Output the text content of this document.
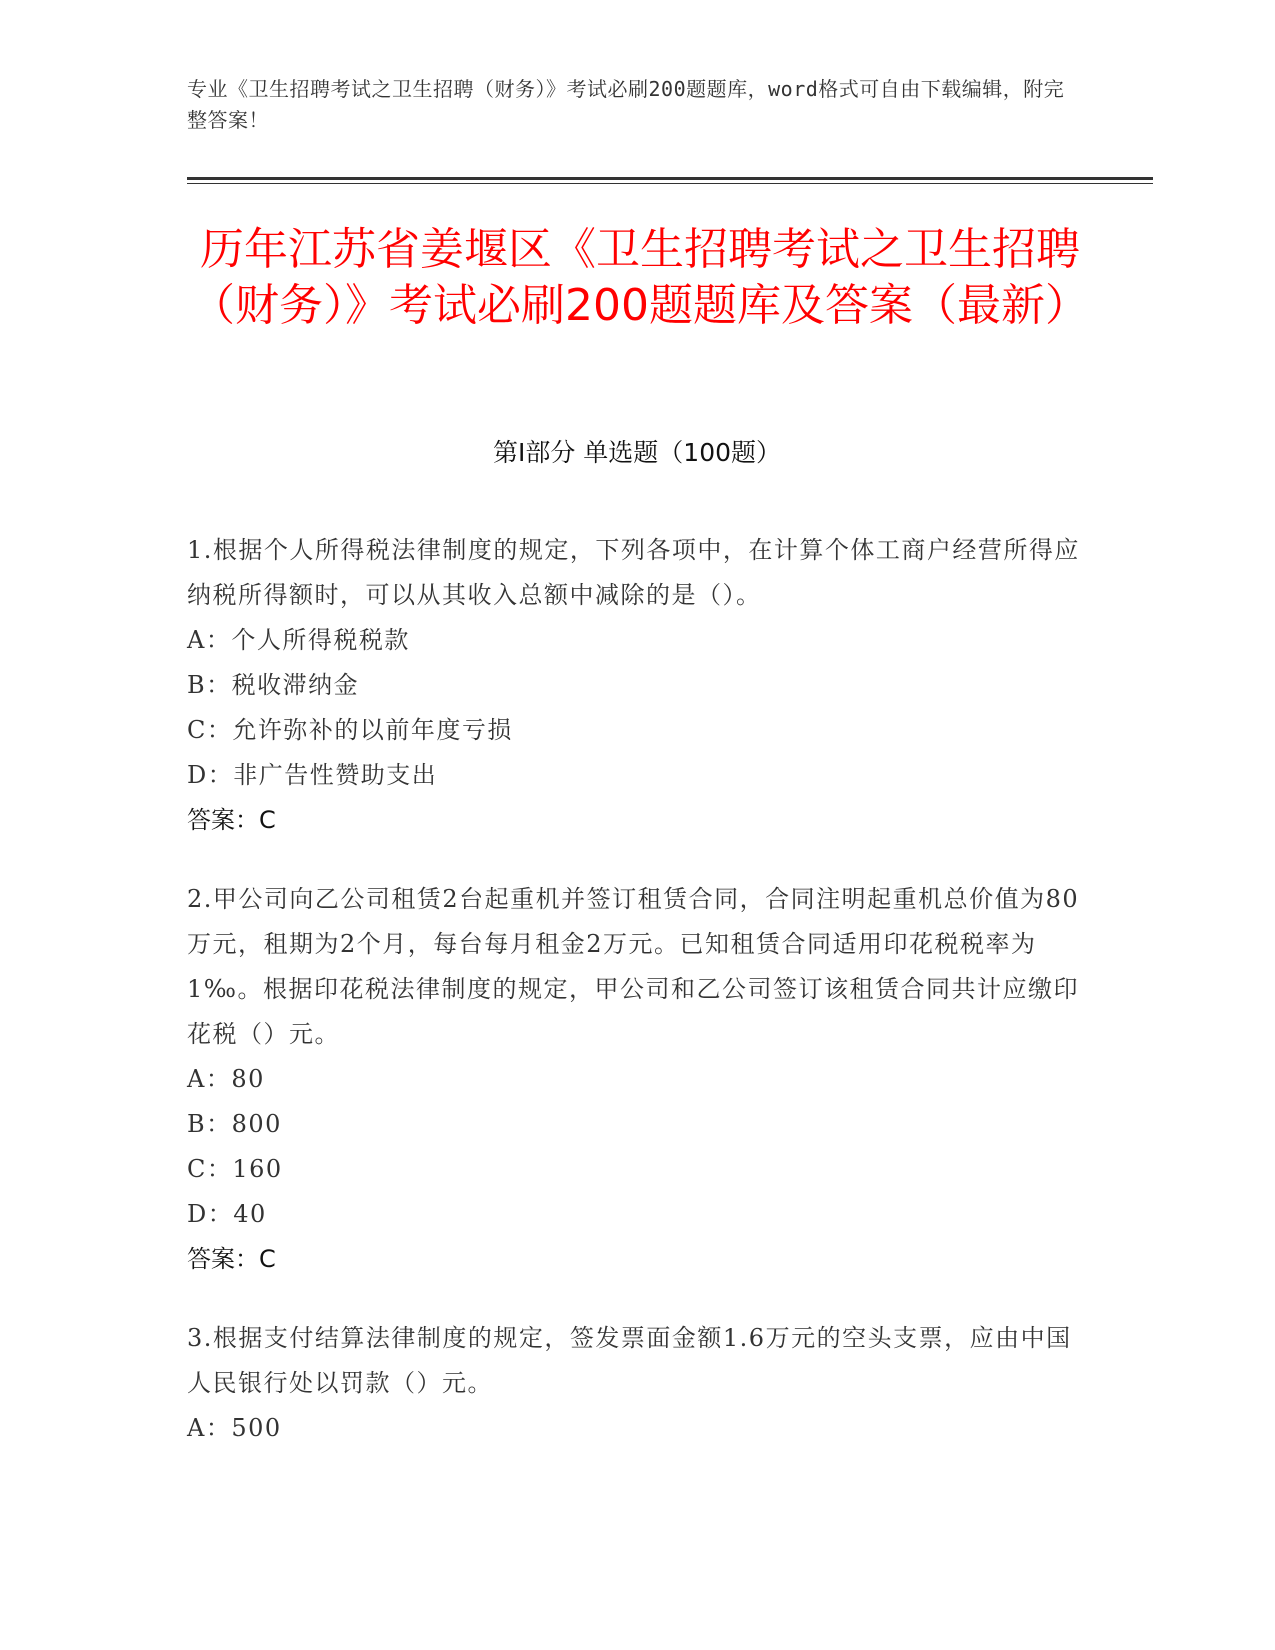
专业《卫生招聘考试之卫生招聘（财务）》考试必刷200题题库，word格式可自由下载编辑，附完整答案！
历年江苏省姜堰区《卫生招聘考试之卫生招聘（财务）》考试必刷200题题库及答案（最新）
第I部分 单选题（100题）
1.根据个人所得税法律制度的规定，下列各项中，在计算个体工商户经营所得应纳税所得额时，可以从其收入总额中减除的是（）。
A：个人所得税税款
B：税收滞纳金
C：允许弥补的以前年度亏损
D：非广告性赞助支出
答案：C
2.甲公司向乙公司租赁2台起重机并签订租赁合同，合同注明起重机总价值为80万元，租期为2个月，每台每月租金2万元。已知租赁合同适用印花税税率为1‰。根据印花税法律制度的规定，甲公司和乙公司签订该租赁合同共计应缴印花税（）元。
A：80
B：800
C：160
D：40
答案：C
3.根据支付结算法律制度的规定，签发票面金额1.6万元的空头支票，应由中国人民银行处以罚款（）元。
A：500
